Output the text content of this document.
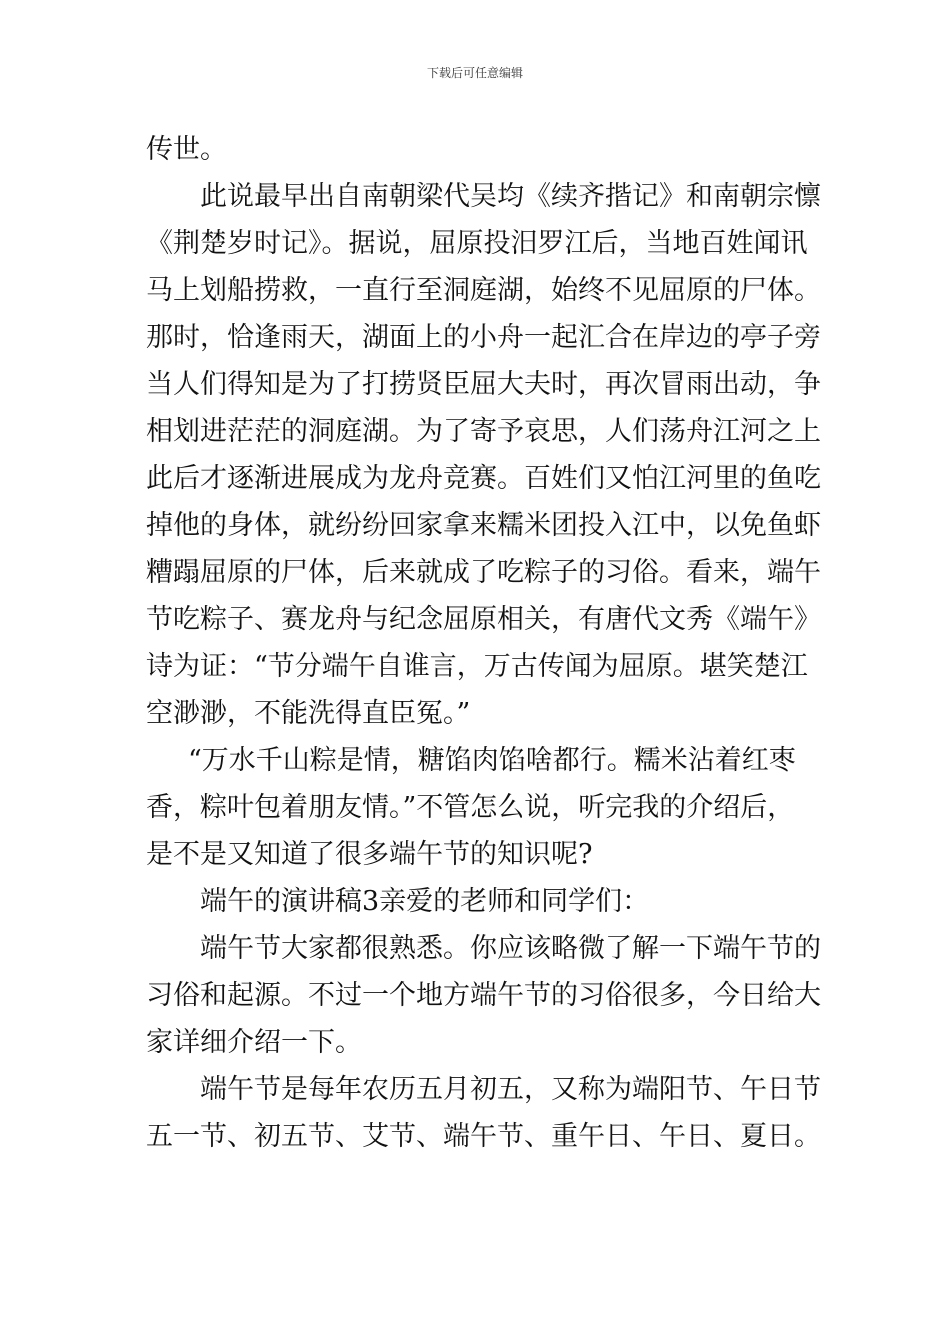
下载后可任意编辑
传世。
此说最早出自南朝梁代吴均《续齐揩记》和南朝宗懔
《荆楚岁时记》。据说，屈原投汨罗江后，当地百姓闻讯
马上划船捞救，一直行至洞庭湖，始终不见屈原的尸体。
那时，恰逢雨天，湖面上的小舟一起汇合在岸边的亭子旁
当人们得知是为了打捞贤臣屈大夫时，再次冒雨出动，争
相划进茫茫的洞庭湖。为了寄予哀思，人们荡舟江河之上
此后才逐渐进展成为龙舟竞赛。百姓们又怕江河里的鱼吃
掉他的身体，就纷纷回家拿来糯米团投入江中，以免鱼虾
糟蹋屈原的尸体，后来就成了吃粽子的习俗。看来，端午
节吃粽子、赛龙舟与纪念屈原相关，有唐代文秀《端午》
诗为证：“节分端午自谁言，万古传闻为屈原。堪笑楚江
空渺渺，不能洗得直臣冤。”
“万水千山粽是情，糖馅肉馅啥都行。糯米沾着红枣
香，粽叶包着朋友情。”不管怎么说，听完我的介绍后，
是不是又知道了很多端午节的知识呢?
端午的演讲稿3亲爱的老师和同学们：
端午节大家都很熟悉。你应该略微了解一下端午节的
习俗和起源。不过一个地方端午节的习俗很多，今日给大
家详细介绍一下。
端午节是每年农历五月初五，又称为端阳节、午日节
五一节、初五节、艾节、端午节、重午日、午日、夏日。
